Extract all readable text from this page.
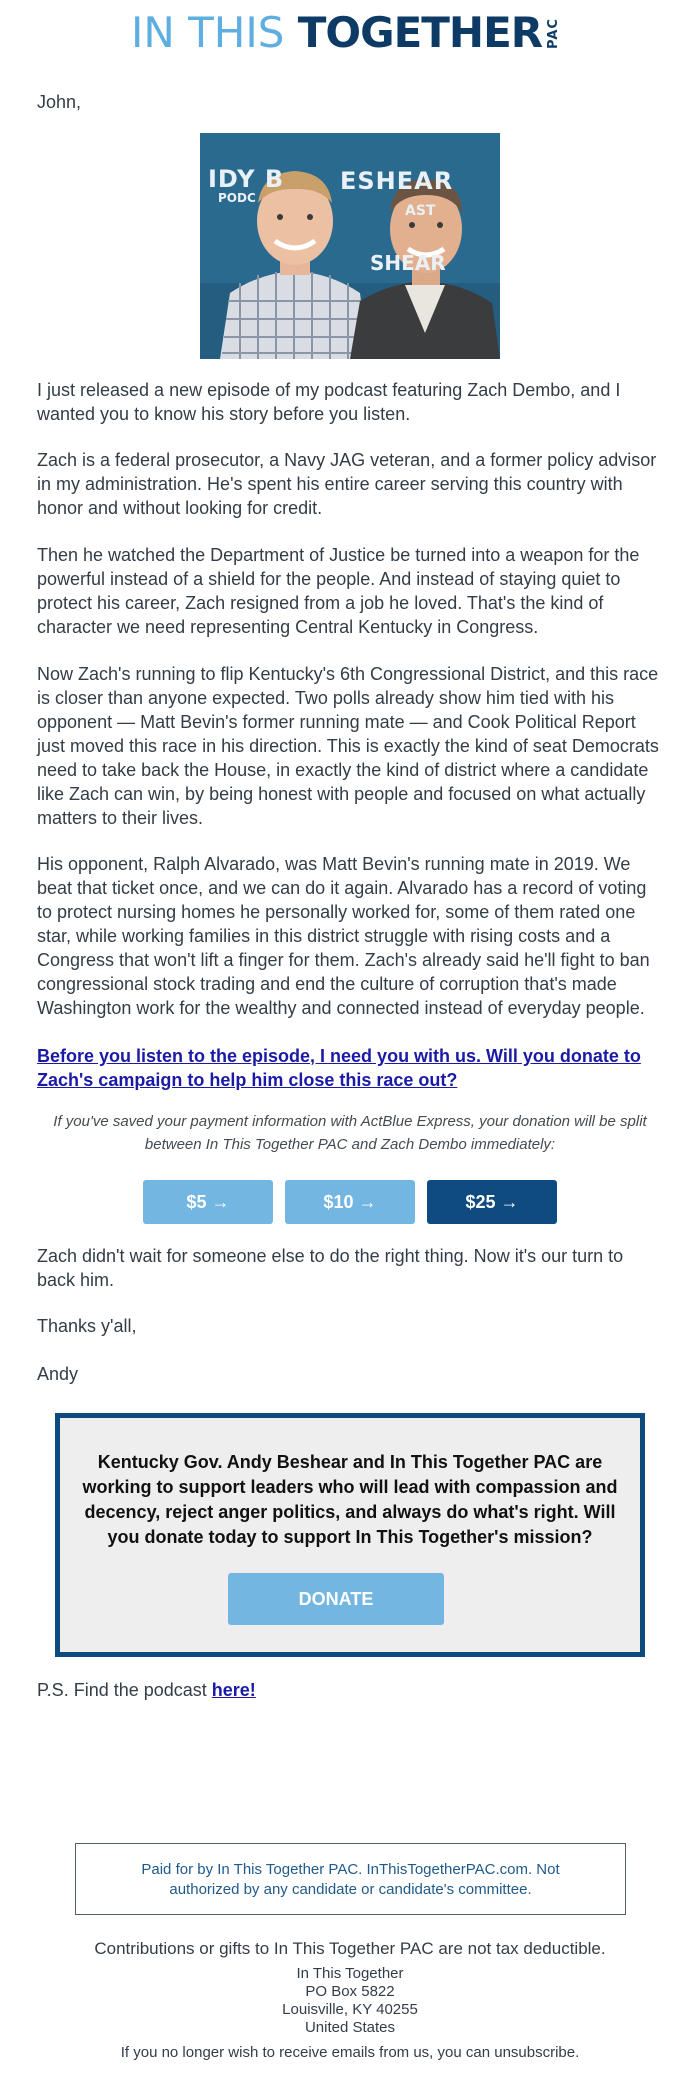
IN THIS TOGETHER PAC

John,

IDY B
PODC
ESHEAR
AST
SHEAR

I just released a new episode of my podcast featuring Zach Dembo, and I wanted you to know his story before you listen.

Zach is a federal prosecutor, a Navy JAG veteran, and a former policy advisor in my administration. He's spent his entire career serving this country with honor and without looking for credit.

Then he watched the Department of Justice be turned into a weapon for the powerful instead of a shield for the people. And instead of staying quiet to protect his career, Zach resigned from a job he loved. That's the kind of character we need representing Central Kentucky in Congress.

Now Zach's running to flip Kentucky's 6th Congressional District, and this race is closer than anyone expected. Two polls already show him tied with his opponent — Matt Bevin's former running mate — and Cook Political Report just moved this race in his direction. This is exactly the kind of seat Democrats need to take back the House, in exactly the kind of district where a candidate like Zach can win, by being honest with people and focused on what actually matters to their lives.

His opponent, Ralph Alvarado, was Matt Bevin's running mate in 2019. We beat that ticket once, and we can do it again. Alvarado has a record of voting to protect nursing homes he personally worked for, some of them rated one star, while working families in this district struggle with rising costs and a Congress that won't lift a finger for them. Zach's already said he'll fight to ban congressional stock trading and end the culture of corruption that's made Washington work for the wealthy and connected instead of everyday people.

Before you listen to the episode, I need you with us. Will you donate to Zach's campaign to help him close this race out?

If you've saved your payment information with ActBlue Express, your donation will be split between In This Together PAC and Zach Dembo immediately:

$5 →	$10 →	$25 →

Zach didn't wait for someone else to do the right thing. Now it's our turn to back him.

Thanks y'all,

Andy

Kentucky Gov. Andy Beshear and In This Together PAC are working to support leaders who will lead with compassion and decency, reject anger politics, and always do what's right. Will you donate today to support In This Together's mission?
DONATE
P.S. Find the podcast here!
Paid for by In This Together PAC. InThisTogetherPAC.com. Not authorized by any candidate or candidate's committee.
Contributions or gifts to In This Together PAC are not tax deductible.
In This Together
PO Box 5822
Louisville, KY 40255
United States
If you no longer wish to receive emails from us, you can unsubscribe.
